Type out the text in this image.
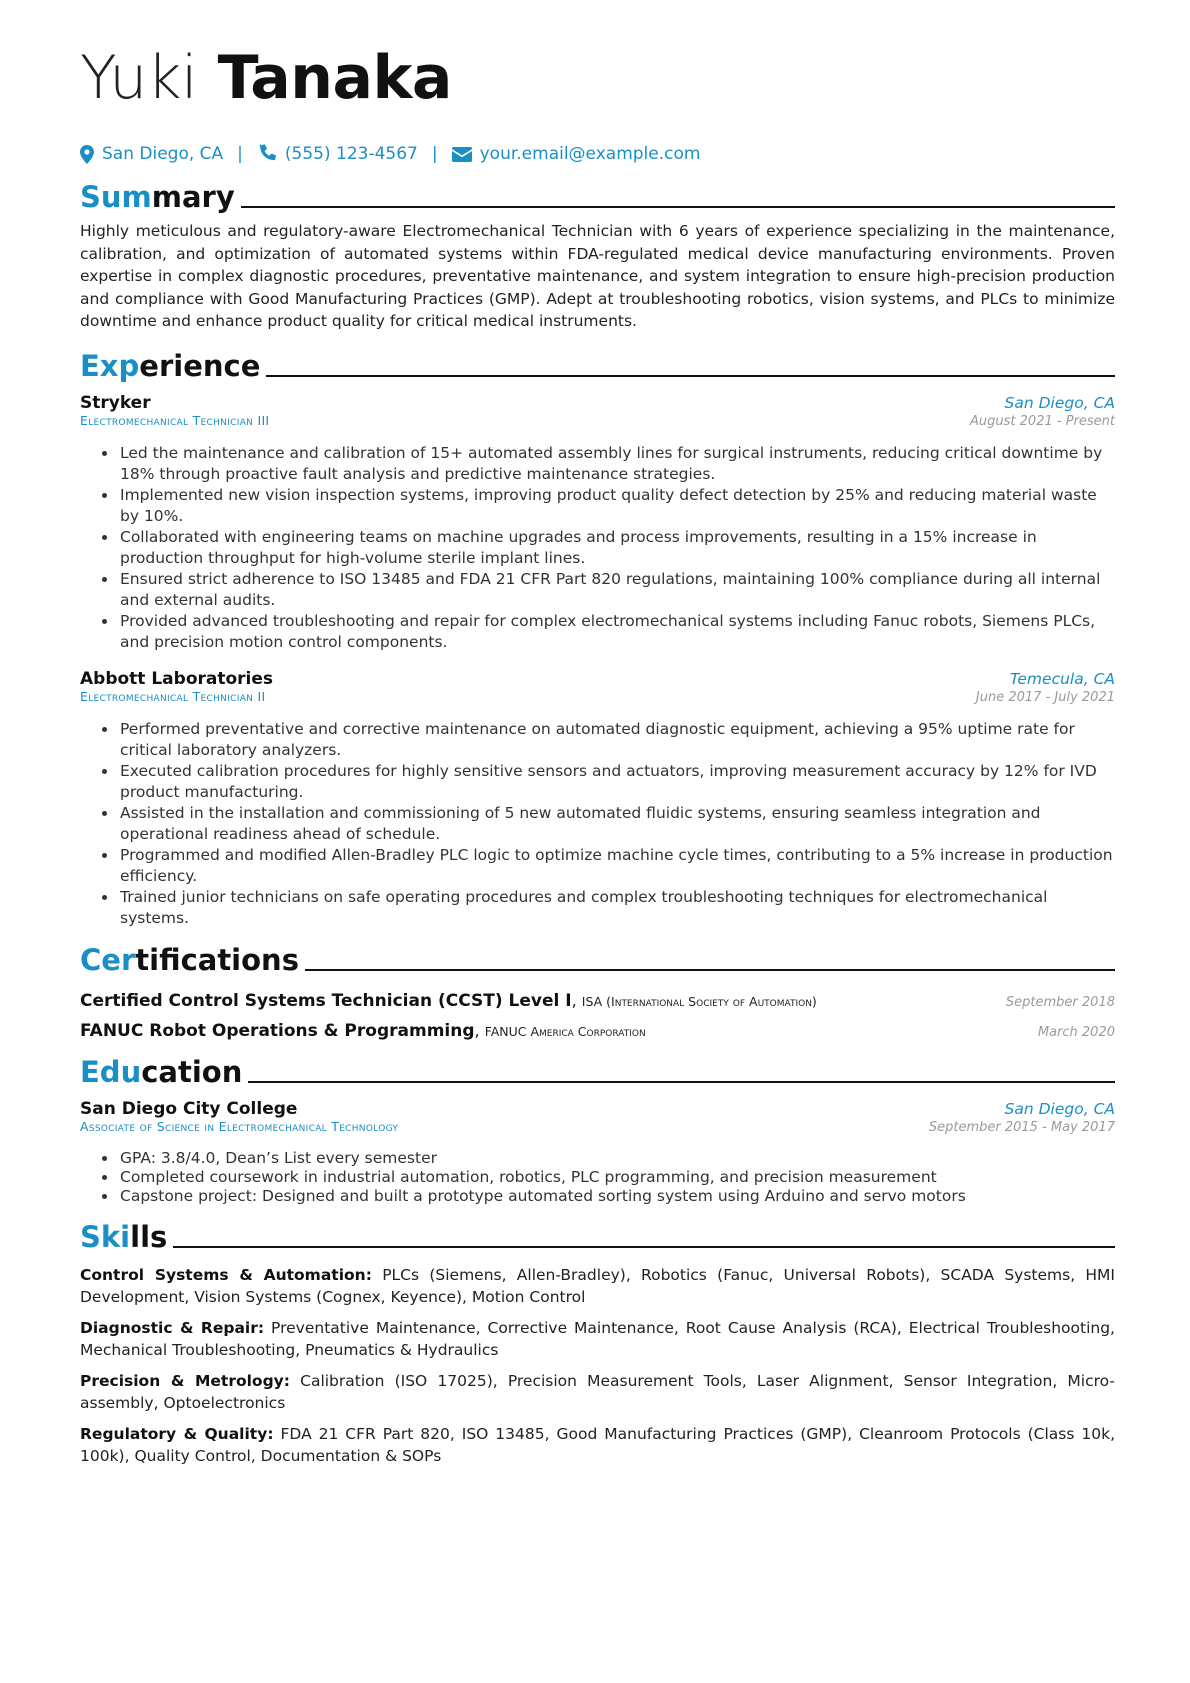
Yuki Tanaka
San Diego, CA | (555) 123-4567 | your.email@example.com
Summary
Highly meticulous and regulatory-aware Electromechanical Technician with 6 years of experience specializing in the maintenance, calibration, and optimization of automated systems within FDA-regulated medical device manufacturing environments. Proven expertise in complex diagnostic procedures, preventative maintenance, and system integration to ensure high-precision production and compliance with Good Manufacturing Practices (GMP). Adept at troubleshooting robotics, vision systems, and PLCs to minimize downtime and enhance product quality for critical medical instruments.
Experience
Stryker	San Diego, CA
Electromechanical Technician III	August 2021 - Present
• Led the maintenance and calibration of 15+ automated assembly lines for surgical instruments, reducing critical downtime by 18% through proactive fault analysis and predictive maintenance strategies.
• Implemented new vision inspection systems, improving product quality defect detection by 25% and reducing material waste by 10%.
• Collaborated with engineering teams on machine upgrades and process improvements, resulting in a 15% increase in production throughput for high-volume sterile implant lines.
• Ensured strict adherence to ISO 13485 and FDA 21 CFR Part 820 regulations, maintaining 100% compliance during all internal and external audits.
• Provided advanced troubleshooting and repair for complex electromechanical systems including Fanuc robots, Siemens PLCs, and precision motion control components.
Abbott Laboratories	Temecula, CA
Electromechanical Technician II	June 2017 - July 2021
• Performed preventative and corrective maintenance on automated diagnostic equipment, achieving a 95% uptime rate for critical laboratory analyzers.
• Executed calibration procedures for highly sensitive sensors and actuators, improving measurement accuracy by 12% for IVD product manufacturing.
• Assisted in the installation and commissioning of 5 new automated fluidic systems, ensuring seamless integration and operational readiness ahead of schedule.
• Programmed and modified Allen-Bradley PLC logic to optimize machine cycle times, contributing to a 5% increase in production efficiency.
• Trained junior technicians on safe operating procedures and complex troubleshooting techniques for electromechanical systems.
Certifications
Certified Control Systems Technician (CCST) Level I, ISA (International Society of Automation)	September 2018
FANUC Robot Operations & Programming, FANUC America Corporation	March 2020
Education
San Diego City College	San Diego, CA
Associate of Science in Electromechanical Technology	September 2015 - May 2017
• GPA: 3.8/4.0, Dean’s List every semester
• Completed coursework in industrial automation, robotics, PLC programming, and precision measurement
• Capstone project: Designed and built a prototype automated sorting system using Arduino and servo motors
Skills
Control Systems & Automation: PLCs (Siemens, Allen-Bradley), Robotics (Fanuc, Universal Robots), SCADA Systems, HMI Development, Vision Systems (Cognex, Keyence), Motion Control
Diagnostic & Repair: Preventative Maintenance, Corrective Maintenance, Root Cause Analysis (RCA), Electrical Troubleshooting, Mechanical Troubleshooting, Pneumatics & Hydraulics
Precision & Metrology: Calibration (ISO 17025), Precision Measurement Tools, Laser Alignment, Sensor Integration, Micro-assembly, Optoelectronics
Regulatory & Quality: FDA 21 CFR Part 820, ISO 13485, Good Manufacturing Practices (GMP), Cleanroom Protocols (Class 10k, 100k), Quality Control, Documentation & SOPs
